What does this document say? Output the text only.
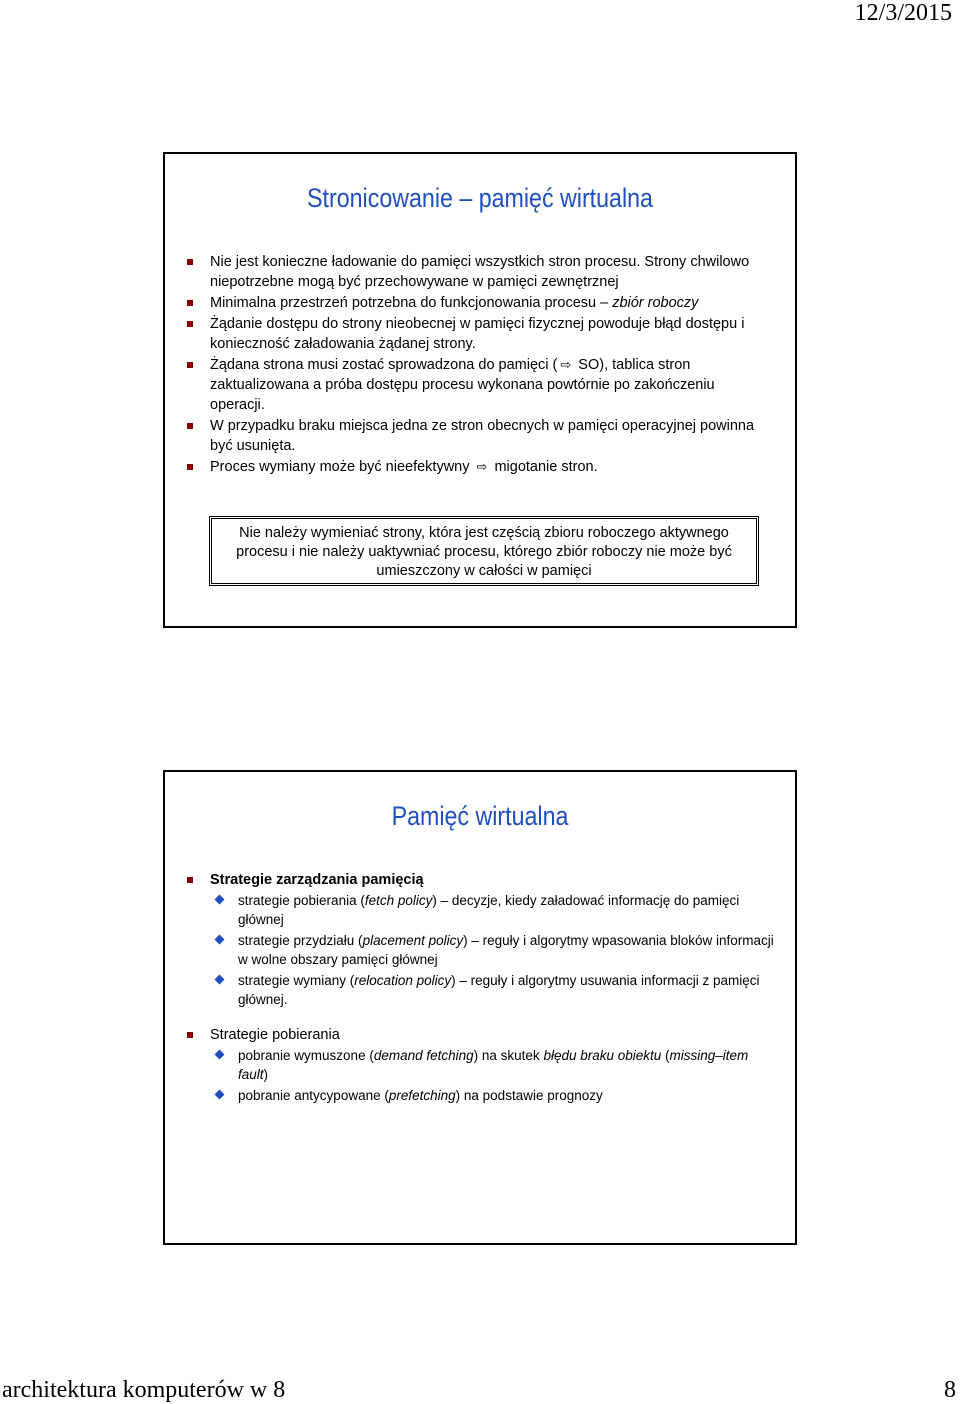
12/3/2015
Stronicowanie – pamięć wirtualna
Nie jest konieczne ładowanie do pamięci wszystkich stron procesu. Strony chwilowo niepotrzebne mogą być przechowywane w pamięci zewnętrznej
Minimalna przestrzeń potrzebna do funkcjonowania procesu – zbiór roboczy
Żądanie dostępu do strony nieobecnej w pamięci fizycznej powoduje błąd dostępu i konieczność załadowania żądanej strony.
Żądana strona musi zostać sprowadzona do pamięci ( ⇨ SO), tablica stron zaktualizowana a próba dostępu procesu wykonana powtórnie po zakończeniu operacji.
W przypadku braku miejsca jedna ze stron obecnych w pamięci operacyjnej powinna być usunięta.
Proces wymiany może być nieefektywny ⇨ migotanie stron.
Nie należy wymieniać strony, która jest częścią zbioru roboczego aktywnego procesu i nie należy uaktywniać procesu, którego zbiór roboczy nie może być umieszczony w całości w pamięci
Pamięć wirtualna
Strategie zarządzania pamięcią
strategie pobierania (fetch policy) – decyzje, kiedy załadować informację do pamięci głównej
strategie przydziału (placement policy) – reguły i algorytmy wpasowania bloków informacji w wolne obszary pamięci głównej
strategie wymiany (relocation policy) – reguły i algorytmy usuwania informacji z pamięci głównej.
Strategie pobierania
pobranie wymuszone (demand fetching) na skutek błędu braku obiektu (missing–item fault)
pobranie antycypowane (prefetching) na podstawie prognozy
architektura komputerów w 8	8
